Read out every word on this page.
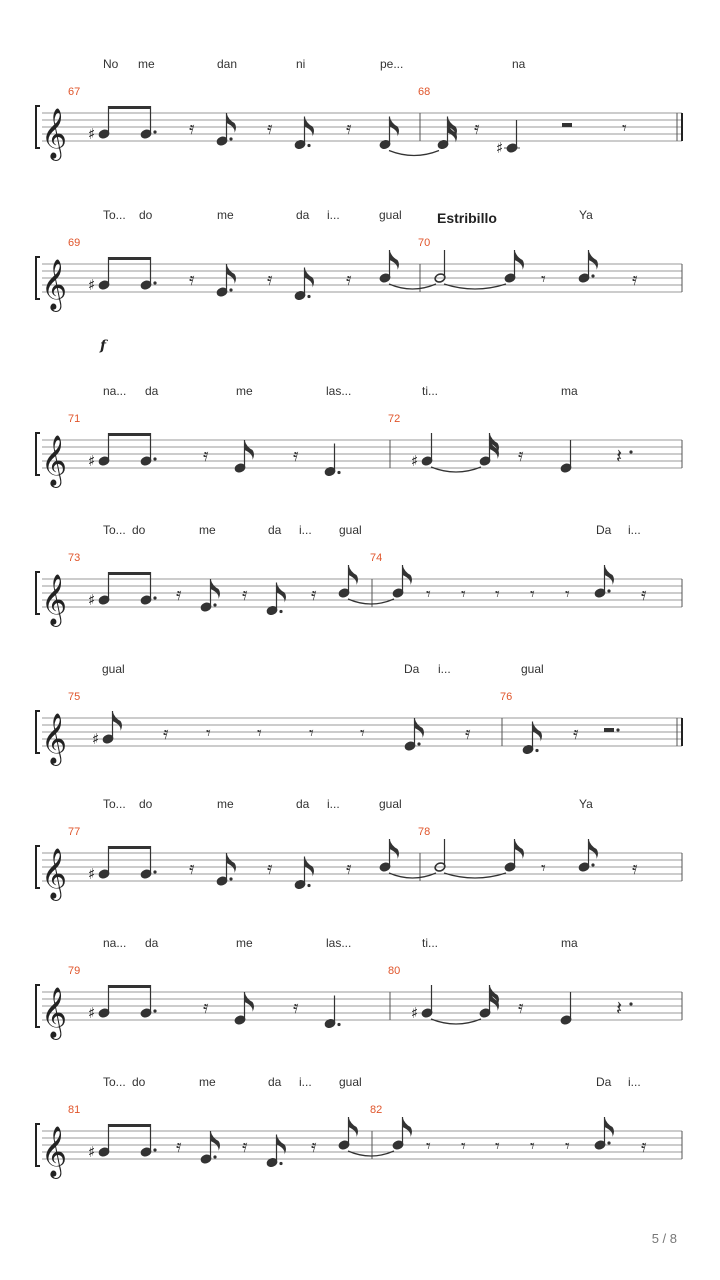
Estribillo
f
No me	dan	ni	pe...	na
67	68
𝄞 ♯	𝄿	𝄿	𝄿	𝄿
♯
𝄾
To... do	me	da i...	gual	Ya
69	70
𝄞 ♯	𝄿	𝄿	𝄿	𝄾	𝄿
na... da	me	las...	ti...	ma
71	72
𝄞 ♯	𝄿	𝄿	♯	𝄿	𝄽
To... do	me	da i... gual	Da i...
73	74
𝄞 ♯	𝄿	𝄿	𝄿	𝄾 𝄾 𝄾 𝄾 𝄾	𝄿
gual	Da i...	gual
75	76
𝄞 ♯	𝄿 𝄾	𝄾	𝄾	𝄾	𝄿	𝄿
To... do	me	da i...	gual	Ya
77	78
𝄞 ♯	𝄿	𝄿	𝄿	𝄾	𝄿
na... da	me	las...	ti...	ma
79	80
𝄞 ♯	𝄿	𝄿	♯	𝄿	𝄽
To... do	me	da i... gual	Da i...
81	82
𝄞 ♯	𝄿	𝄿	𝄿	𝄾 𝄾 𝄾 𝄾 𝄾	𝄿
5 / 8
